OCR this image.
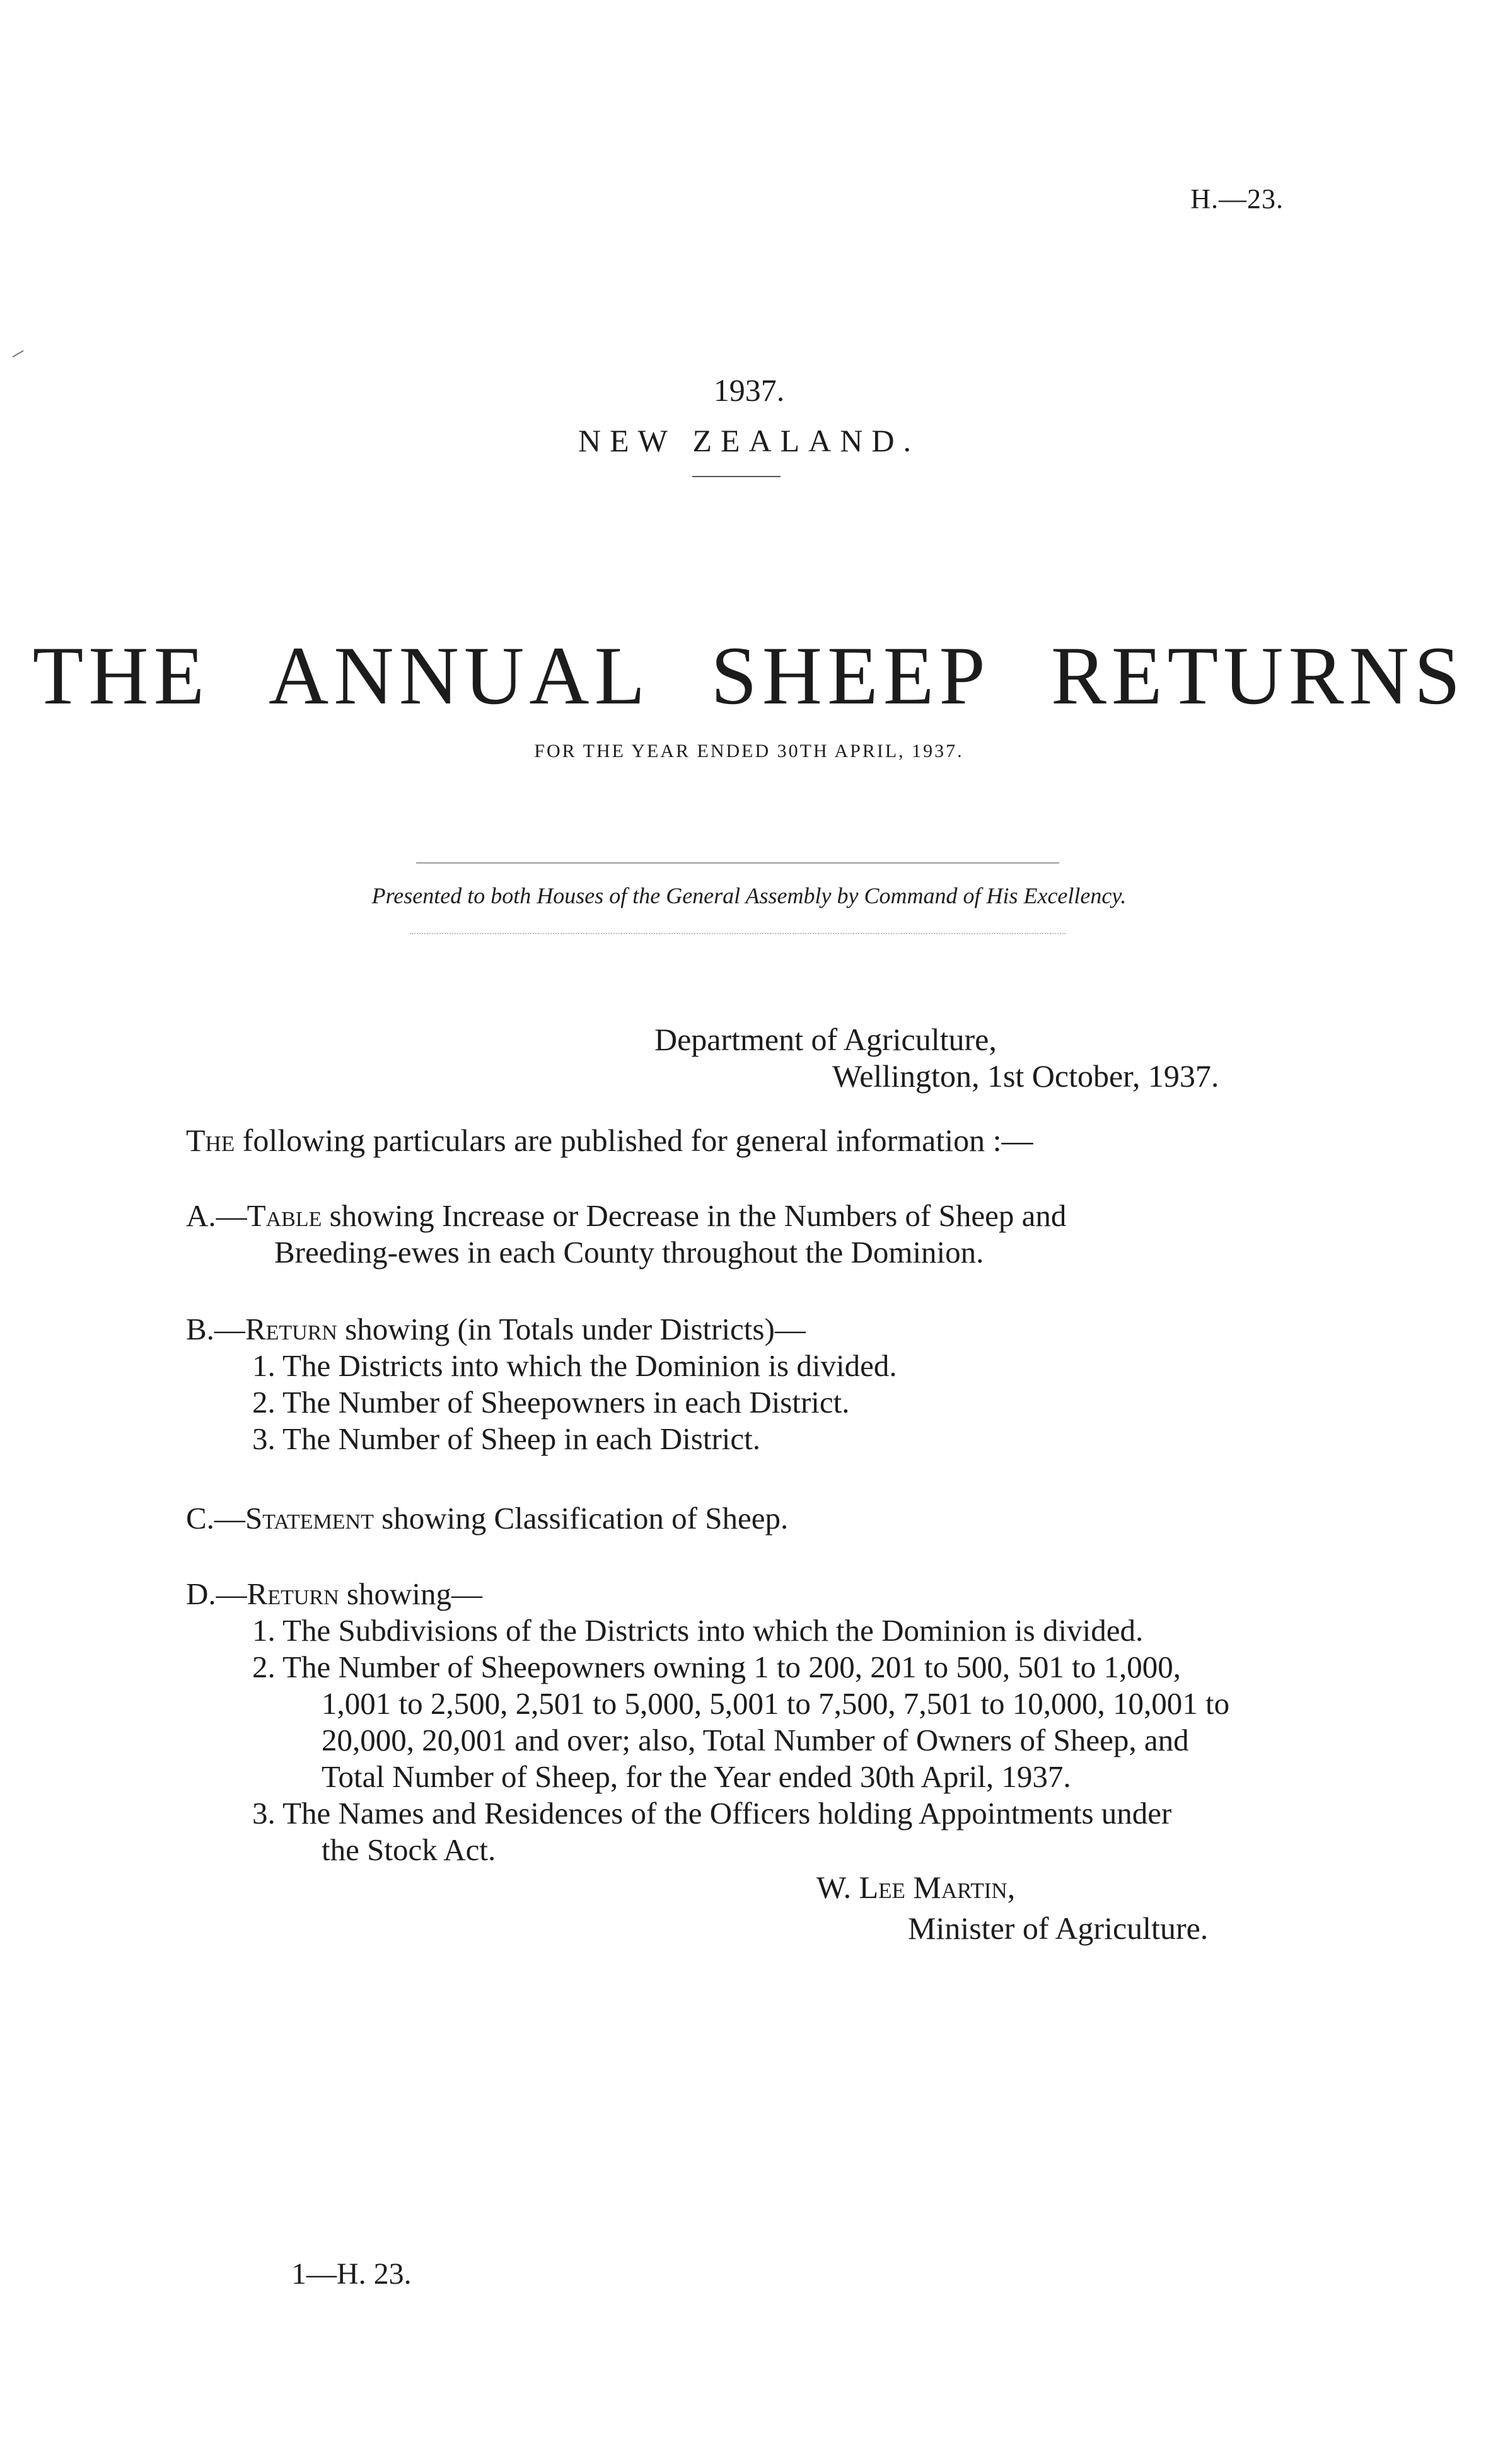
H.—23.
1937.
NEW ZEALAND.
THE ANNUAL SHEEP RETURNS
FOR THE YEAR ENDED 30TH APRIL, 1937.
Presented to both Houses of the General Assembly by Command of His Excellency.
Department of Agriculture,
Wellington, 1st October, 1937.
The following particulars are published for general information :—

A.—Table showing Increase or Decrease in the Numbers of Sheep and

Breeding-ewes in each County throughout the Dominion.

B.—Return showing (in Totals under Districts)—

1. The Districts into which the Dominion is divided.

2. The Number of Sheepowners in each District.

3. The Number of Sheep in each District.

C.—Statement showing Classification of Sheep.

D.—Return showing—

1. The Subdivisions of the Districts into which the Dominion is divided.

2. The Number of Sheepowners owning 1 to 200, 201 to 500, 501 to 1,000,

1,001 to 2,500, 2,501 to 5,000, 5,001 to 7,500, 7,501 to 10,000, 10,001 to

20,000, 20,001 and over; also, Total Number of Owners of Sheep, and

Total Number of Sheep, for the Year ended 30th April, 1937.

3. The Names and Residences of the Officers holding Appointments under

the Stock Act.

W. Lee Martin,
Minister of Agriculture.
1—H. 23.
